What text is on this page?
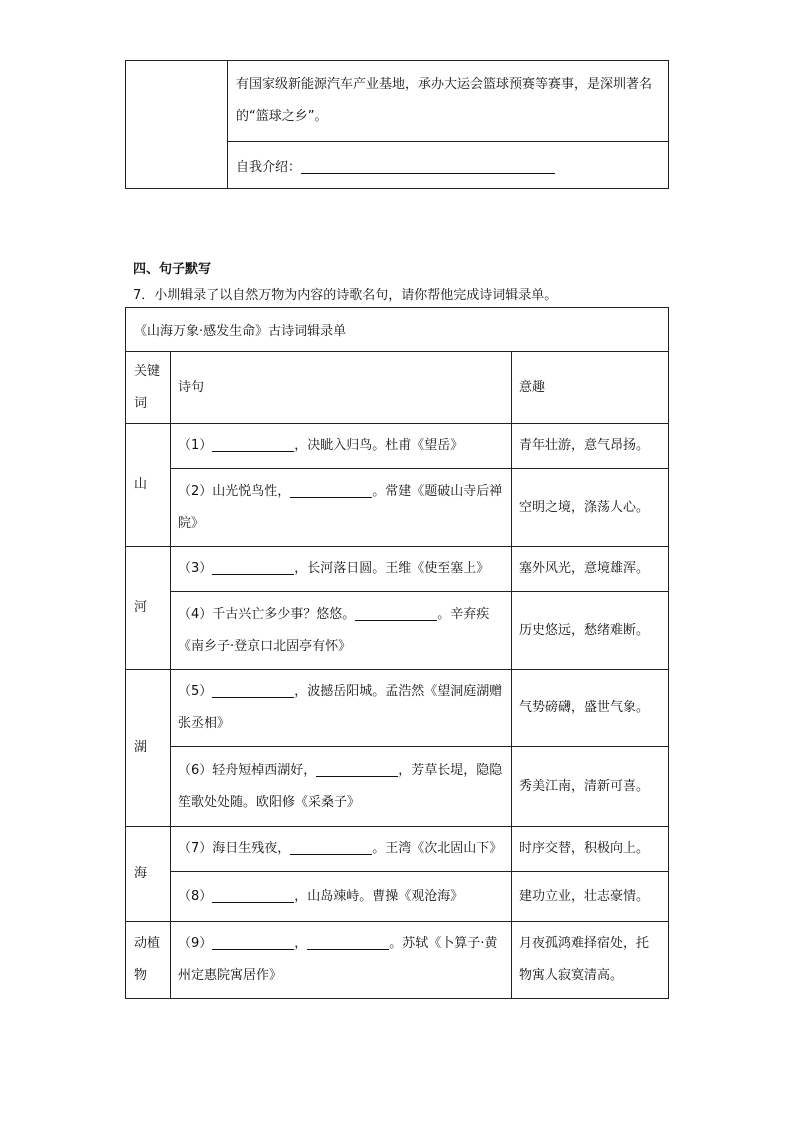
	有国家级新能源汽车产业基地，承办大运会篮球预赛等赛事，是深圳著名的“篮球之乡”。
自我介绍：
四、句子默写
7．小圳辑录了以自然万物为内容的诗歌名句，请你帮他完成诗词辑录单。
《山海万象·感发生命》古诗词辑录单		
关键词	诗句	意趣
山	（1） ，决眦入归鸟。杜甫《望岳》	青年壮游，意气昂扬。
	（2）山光悦鸟性， 。常建《题破山寺后禅院》	空明之境，涤荡人心。
河	（3） ，长河落日圆。王维《使至塞上》	塞外风光，意境雄浑。
	（4）千古兴亡多少事？悠悠。 。辛弃疾《南乡子·登京口北固亭有怀》	历史悠远，愁绪难断。
湖	（5） ，波撼岳阳城。孟浩然《望洞庭湖赠张丞相》	气势磅礴，盛世气象。
	（6）轻舟短棹西湖好， ，芳草长堤，隐隐笙歌处处随。欧阳修《采桑子》	秀美江南，清新可喜。
海	（7）海日生残夜， 。王湾《次北固山下》	时序交替，积极向上。
	（8） ，山岛竦峙。曹操《观沧海》	建功立业，壮志豪情。
动植物	（9） ， 。苏轼《卜算子·黄州定惠院寓居作》	月夜孤鸿难择宿处，托物寓人寂寞清高。
